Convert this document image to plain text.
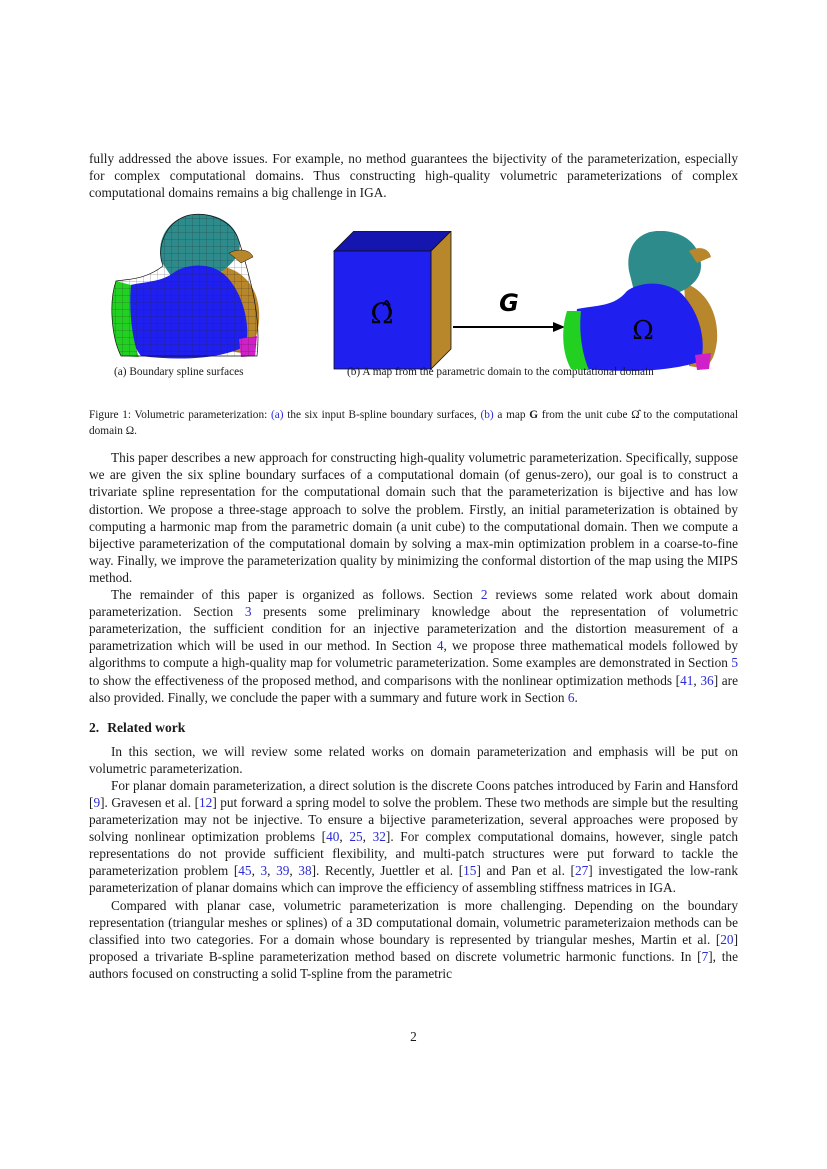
fully addressed the above issues. For example, no method guarantees the bijectivity of the parameterization, especially for complex computational domains. Thus constructing high-quality volumetric parameterizations of complex computational domains remains a big challenge in IGA.

Ω̂	G
Ω
(a) Boundary spline surfaces	(b) A map from the parametric domain to the computational domain

Figure 1: Volumetric parameterization: (a) the six input B-spline boundary surfaces, (b) a map G from the unit cube Ω̂ to the computational domain Ω.

This paper describes a new approach for constructing high-quality volumetric parameterization. Specifically, suppose we are given the six spline boundary surfaces of a computational domain (of genus-zero), our goal is to construct a trivariate spline representation for the computational domain such that the parameterization is bijective and has low distortion. We propose a three-stage approach to solve the problem. Firstly, an initial parameterization is obtained by computing a harmonic map from the parametric domain (a unit cube) to the computational domain. Then we compute a bijective parameterization of the computational domain by solving a max-min optimization problem in a coarse-to-fine way. Finally, we improve the parameterization quality by minimizing the conformal distortion of the map using the MIPS method.

The remainder of this paper is organized as follows. Section 2 reviews some related work about domain parameterization. Section 3 presents some preliminary knowledge about the representation of volumetric parameterization, the sufficient condition for an injective parameterization and the distortion measurement of a parametrization which will be used in our method. In Section 4, we propose three mathematical models followed by algorithms to compute a high-quality map for volumetric parameterization. Some examples are demonstrated in Section 5 to show the effectiveness of the proposed method, and comparisons with the nonlinear optimization methods [41, 36] are also provided. Finally, we conclude the paper with a summary and future work in Section 6.

2. Related work

In this section, we will review some related works on domain parameterization and emphasis will be put on volumetric parameterization.

For planar domain parameterization, a direct solution is the discrete Coons patches introduced by Farin and Hansford [9]. Gravesen et al. [12] put forward a spring model to solve the problem. These two methods are simple but the resulting parameterization may not be injective. To ensure a bijective parameterization, several approaches were proposed by solving nonlinear optimization problems [40, 25, 32]. For complex computational domains, however, single patch representations do not provide sufficient flexibility, and multi-patch structures were put forward to tackle the parameterization problem [45, 3, 39, 38]. Recently, Juettler et al. [15] and Pan et al. [27] investigated the low-rank parameterization of planar domains which can improve the efficiency of assembling stiffness matrices in IGA.

Compared with planar case, volumetric parameterization is more challenging. Depending on the boundary representation (triangular meshes or splines) of a 3D computational domain, volumetric parameterizaion methods can be classified into two categories. For a domain whose boundary is represented by triangular meshes, Martin et al. [20] proposed a trivariate B-spline parameterization method based on discrete volumetric harmonic functions. In [7], the authors focused on constructing a solid T-spline from the parametric

2
